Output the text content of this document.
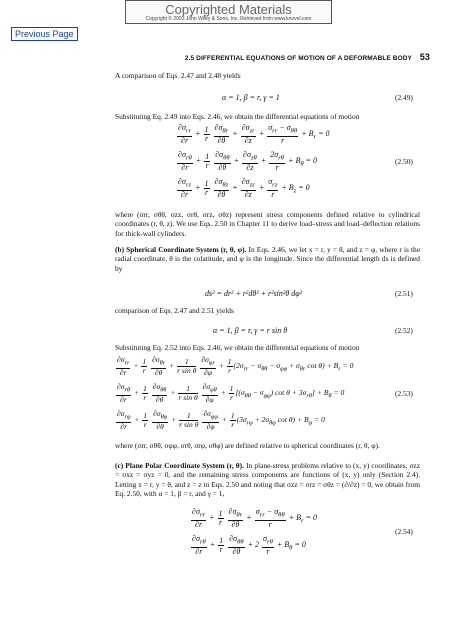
Copyrighted Materials
Copyright © 2003 John Wiley & Sons, Inc. Retrieved from www.knovel.com
Previous Page
2.5 DIFFERENTIAL EQUATIONS OF MOTION OF A DEFORMABLE BODY 53
A comparison of Eqs. 2.47 and 2.48 yields
α = 1, β = r, γ = 1	(2.49)
Substituting Eq. 2.49 into Eqs. 2.46, we obtain the differential equations of motion
$\frac{\partial\sigma_{rr}}{\partial r} + \frac{1}{r}$
$\frac{\partial\sigma_{\theta r}}{\partial\theta} + \frac{\partial\sigma_{zr}}{\partial z} + \frac{\sigma_{rr} - \sigma_{\theta\theta}}{r} + B_r = 0$
$\frac{\partial\sigma_{r\theta}}{\partial r} + \frac{1}{r}$
$\frac{\partial\sigma_{\theta\theta}}{\partial\theta} + \frac{\partial\sigma_{z\theta}}{\partial z} + \frac{2\sigma_{r\theta}}{r} + B_\theta = 0$
$\frac{\partial\sigma_{rz}}{\partial r} + \frac{1}{r}$
$\frac{\partial\sigma_{\theta z}}{\partial\theta} + \frac{\partial\sigma_{zz}}{\partial z} + \frac{\sigma_{rz}}{r} + B_z = 0$
(2.50)
where (σrr, σθθ, σzz, σrθ, σrz, σθz) represent stress components defined relative to cylindrical coordinates (r, θ, z). We use Eqs. 2.50 in Chapter 11 to derive load–stress and load–deflection relations for thick-wall cylinders.
(b) Spherical Coordinate System (r, θ, φ). In Eqs. 2.46, we let x = r, y = θ, and z = φ, where r is the radial coordinate, θ is the colatitude, and φ is the longitude. Since the differential length ds is defined by
ds² = dr² + r²dθ² + r²sin²θ dφ²	(2.51)
comparison of Eqs. 2.47 and 2.51 yields
α = 1, β = r, γ = r sin θ	(2.52)
Substituting Eq. 2.52 into Eqs. 2.46, we obtain the differential equations of motion
$\frac{\partial\sigma_{rr}}{\partial r} + \frac{1}{r}$
$\frac{\partial\sigma_{\theta r}}{\partial\theta} + \frac{1}{\text{r sin θ}}$
$\frac{\partial\sigma_{\varphi r}}{\partial\varphi} + \frac{1}{r} (2\sigma_{rr} - \sigma_{\theta\theta} - \sigma_{\varphi\varphi} + \sigma_{\theta r}$ $\cot \theta) + B_r = 0$
$\frac{\partial\sigma_{r\theta}}{\partial r} + \frac{1}{r}$
$\frac{\partial\sigma_{\theta\theta}}{\partial\theta} + \frac{1}{\text{r sin θ}}$
$\frac{\partial\sigma_{\varphi\theta}}{\partial\varphi} + \frac{1}{r} [(\sigma_{\theta\theta} - \sigma_{\varphi\varphi})$ $\cot \theta + 3\sigma_{r\theta}] + B_\theta = 0$
$\frac{\partial\sigma_{r\varphi}}{\partial r} + \frac{1}{r}$
$\frac{\partial\sigma_{\theta\varphi}}{\partial\theta} + \frac{1}{\text{r sin θ}}$
$\frac{\partial\sigma_{\varphi\varphi}}{\partial\varphi} + \frac{1}{r} (3\sigma_{r\varphi} + 2\sigma_{\theta\varphi}$ $\cot \theta) + B_\varphi = 0$
(2.53)
where (σrr, σθθ, σφφ, σrθ, σrφ, σθφ) are defined relative to spherical coordinates (r, θ, φ).
(c) Plane Polar Coordinate System (r, θ). In plane-stress problems relative to (x, y) coordinates, σzz = σxz = σyz = 0, and the remaining stress components are functions of (x, y) only (Section 2.4). Letting x = r, y = θ, and z = z in Eqs. 2.50 and noting that σzz = σrz = σθz = (∂/∂z) = 0, we obtain from Eq. 2.50, with α = 1, β = r, and γ = 1,
$\frac{\partial\sigma_{rr}}{\partial r} + \frac{1}{r}$
$\frac{\partial\sigma_{\theta r}}{\partial\theta} + \frac{\sigma_{rr} - \sigma_{\theta\theta}}{r} + B_r = 0$
$\frac{\partial\sigma_{r\theta}}{\partial r} + \frac{1}{r}$
$\frac{\partial\sigma_{\theta\theta}}{\partial\theta} + 2 \frac{\sigma_{r\theta}}{r} + B_\theta = 0$
(2.54)
